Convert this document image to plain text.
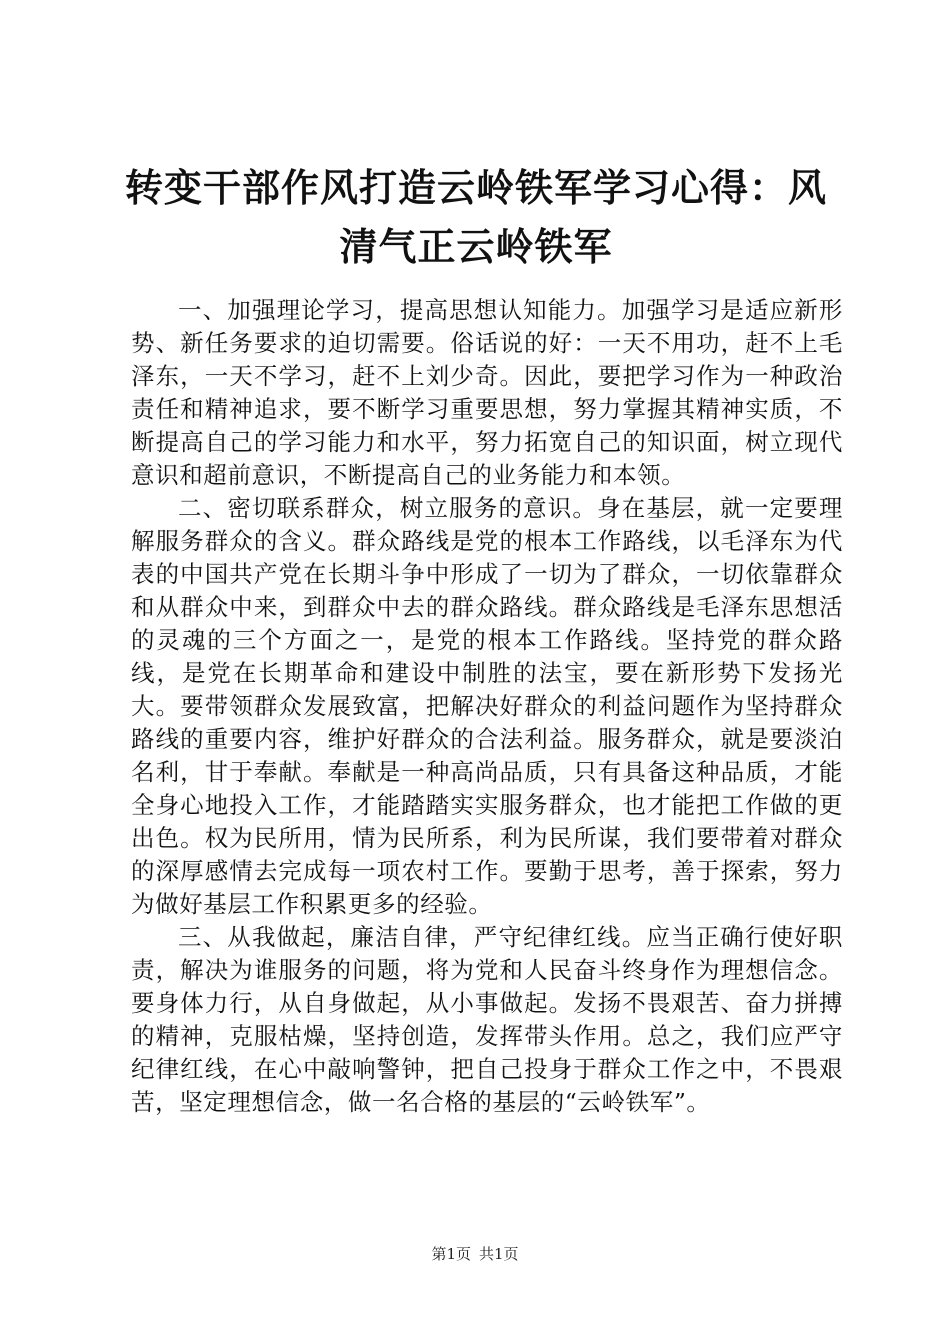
转变干部作风打造云岭铁军学习心得：风清气正云岭铁军

一、加强理论学习，提高思想认知能力。加强学习是适应新形势、新任务要求的迫切需要。俗话说的好：一天不用功，赶不上毛泽东，一天不学习，赶不上刘少奇。因此，要把学习作为一种政治责任和精神追求，要不断学习重要思想，努力掌握其精神实质，不断提高自己的学习能力和水平，努力拓宽自己的知识面，树立现代意识和超前意识，不断提高自己的业务能力和本领。

二、密切联系群众，树立服务的意识。身在基层，就一定要理解服务群众的含义。群众路线是党的根本工作路线，以毛泽东为代表的中国共产党在长期斗争中形成了一切为了群众，一切依靠群众和从群众中来，到群众中去的群众路线。群众路线是毛泽东思想活的灵魂的三个方面之一，是党的根本工作路线。坚持党的群众路线，是党在长期革命和建设中制胜的法宝，要在新形势下发扬光大。要带领群众发展致富，把解决好群众的利益问题作为坚持群众路线的重要内容，维护好群众的合法利益。服务群众，就是要淡泊名利，甘于奉献。奉献是一种高尚品质，只有具备这种品质，才能全身心地投入工作，才能踏踏实实服务群众，也才能把工作做的更出色。权为民所用，情为民所系，利为民所谋，我们要带着对群众的深厚感情去完成每一项农村工作。要勤于思考，善于探索，努力为做好基层工作积累更多的经验。

三、从我做起，廉洁自律，严守纪律红线。应当正确行使好职责，解决为谁服务的问题，将为党和人民奋斗终身作为理想信念。要身体力行，从自身做起，从小事做起。发扬不畏艰苦、奋力拼搏的精神，克服枯燥，坚持创造，发挥带头作用。总之，我们应严守纪律红线，在心中敲响警钟，把自己投身于群众工作之中，不畏艰苦，坚定理想信念，做一名合格的基层的“云岭铁军”。

第1页 共1页
